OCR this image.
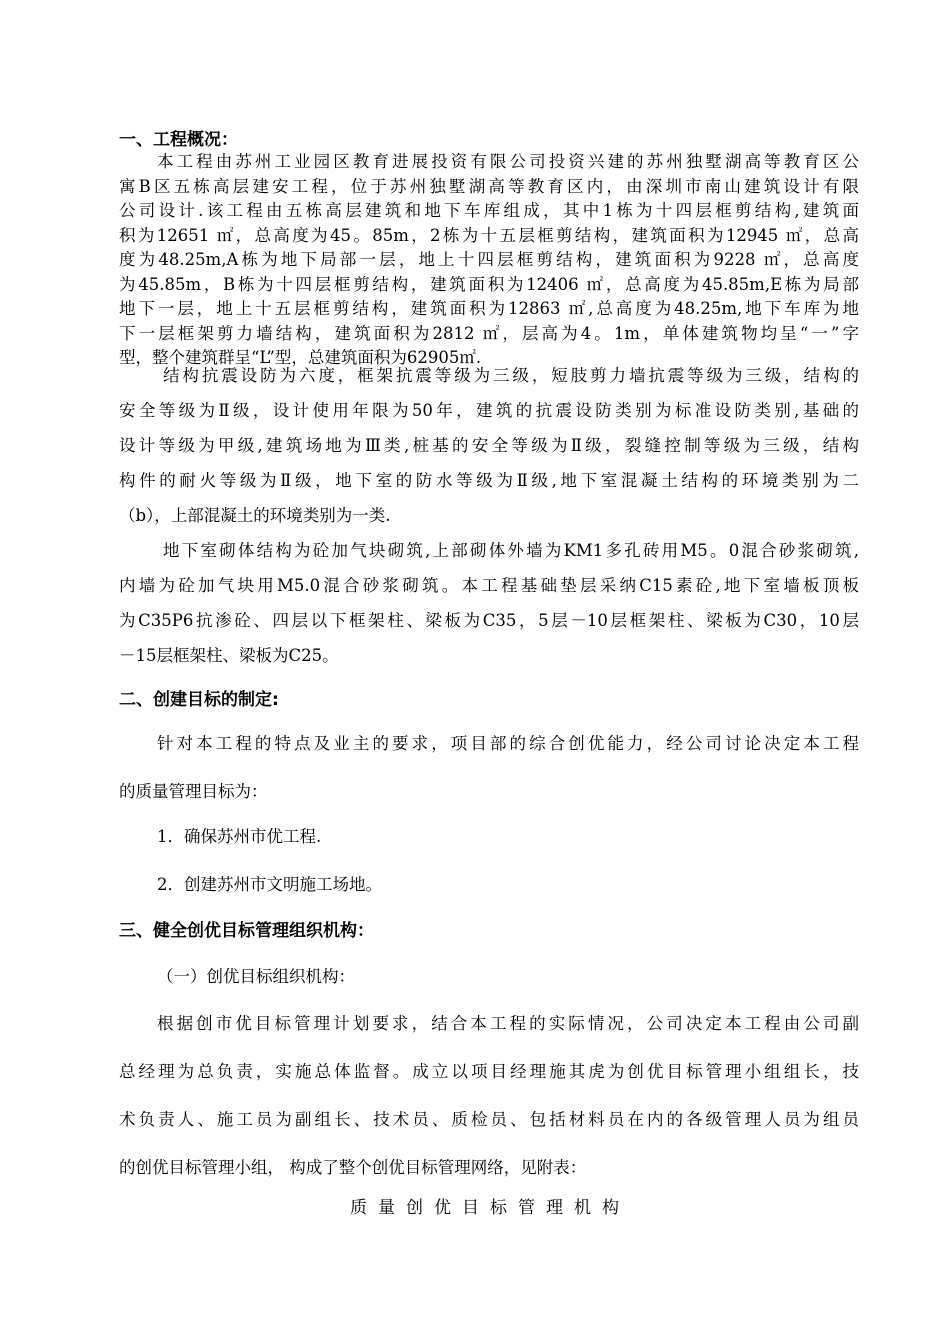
一、工程概况：
本工程由苏州工业园区教育进展投资有限公司投资兴建的苏州独墅湖高等教育区公
寓B区五栋高层建安工程，位于苏州独墅湖高等教育区内，由深圳市南山建筑设计有限
公司设计.该工程由五栋高层建筑和地下车库组成，其中1栋为十四层框剪结构,建筑面
积为12651 ㎡，总高度为45。85m，2栋为十五层框剪结构，建筑面积为12945 ㎡，总高
度为48.25m,A栋为地下局部一层，地上十四层框剪结构，建筑面积为9228 ㎡，总高度
为45.85m，B栋为十四层框剪结构，建筑面积为12406 ㎡，总高度为45.85m,E栋为局部
地下一层，地上十五层框剪结构，建筑面积为12863 ㎡,总高度为48.25m,地下车库为地
下一层框架剪力墙结构，建筑面积为2812 ㎡，层高为4。1m，单体建筑物均呈“一”字
型，整个建筑群呈“L”型，总建筑面积为62905㎡.
结构抗震设防为六度，框架抗震等级为三级，短肢剪力墙抗震等级为三级，结构的
安全等级为Ⅱ级，设计使用年限为50年，建筑的抗震设防类别为标准设防类别,基础的
设计等级为甲级,建筑场地为Ⅲ类,桩基的安全等级为Ⅱ级，裂缝控制等级为三级，结构
构件的耐火等级为Ⅱ级，地下室的防水等级为Ⅱ级,地下室混凝土结构的环境类别为二
（b），上部混凝土的环境类别为一类.
地下室砌体结构为砼加气块砌筑,上部砌体外墙为KM1多孔砖用M5。0混合砂浆砌筑,
内墙为砼加气块用M5.0混合砂浆砌筑。本工程基础垫层采纳C15素砼,地下室墙板顶板
为C35P6抗渗砼、四层以下框架柱、梁板为C35，5层－10层框架柱、梁板为C30，10层
－15层框架柱、梁板为C25。
二、创建目标的制定:
针对本工程的特点及业主的要求，项目部的综合创优能力，经公司讨论决定本工程
的质量管理目标为：
1．确保苏州市优工程.
2．创建苏州市文明施工场地。
三、健全创优目标管理组织机构：
（一）创优目标组织机构：
根据创市优目标管理计划要求，结合本工程的实际情况，公司决定本工程由公司副
总经理为总负责，实施总体监督。成立以项目经理施其虎为创优目标管理小组组长，技
术负责人、施工员为副组长、技术员、质检员、包括材料员在内的各级管理人员为组员
的创优目标管理小组， 构成了整个创优目标管理网络，见附表：
质量创优目标管理机构
